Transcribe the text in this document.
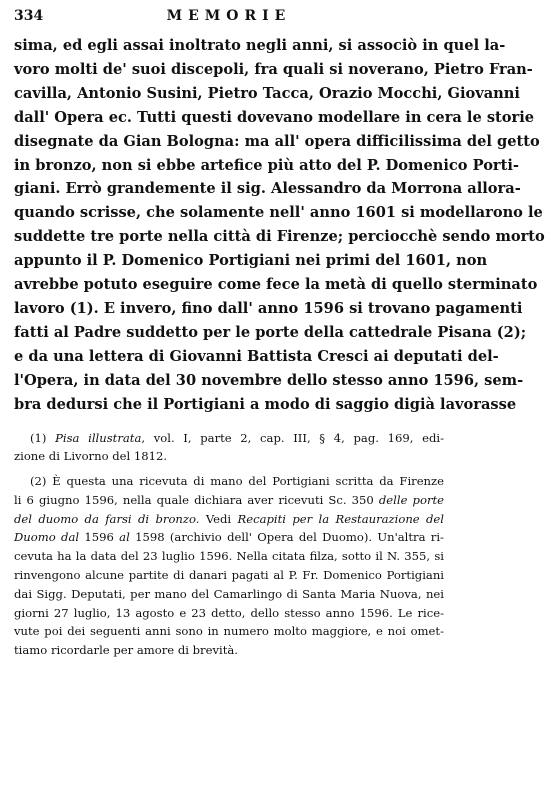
334	MEMORIE
sima, ed egli assai inoltrato negli anni, si associò in quel la-
voro molti de' suoi discepoli, fra quali si noverano, Pietro Fran-
cavilla, Antonio Susini, Pietro Tacca, Orazio Mocchi, Giovanni
dall' Opera ec. Tutti questi dovevano modellare in cera le storie
disegnate da Gian Bologna: ma all' opera difficilissima del getto
in bronzo, non si ebbe artefice più atto del P. Domenico Porti-
giani. Errò grandemente il sig. Alessandro da Morrona allora-
quando scrisse, che solamente nell' anno 1601 si modellarono le
suddette tre porte nella città di Firenze; perciocchè sendo morto
appunto il P. Domenico Portigiani nei primi del 1601, non
avrebbe potuto eseguire come fece la metà di quello sterminato
lavoro (1). E invero, fino dall' anno 1596 si trovano pagamenti
fatti al Padre suddetto per le porte della cattedrale Pisana (2);
e da una lettera di Giovanni Battista Cresci ai deputati del-
l'Opera, in data del 30 novembre dello stesso anno 1596, sem-
bra dedursi che il Portigiani a modo di saggio digià lavorasse
(1) Pisa illustrata, vol. I, parte 2, cap. III, § 4, pag. 169, edi-
zione di Livorno del 1812.
(2) È questa una ricevuta di mano del Portigiani scritta da Firenze
li 6 giugno 1596, nella quale dichiara aver ricevuti Sc. 350 delle porte
del duomo da farsi di bronzo. Vedi Recapiti per la Restaurazione del
Duomo dal 1596 al 1598 (archivio dell' Opera del Duomo). Un'altra ri-
cevuta ha la data del 23 luglio 1596. Nella citata filza, sotto il N. 355, si
rinvengono alcune partite di danari pagati al P. Fr. Domenico Portigiani
dai Sigg. Deputati, per mano del Camarlingo di Santa Maria Nuova, nei
giorni 27 luglio, 13 agosto e 23 detto, dello stesso anno 1596. Le rice-
vute poi dei seguenti anni sono in numero molto maggiore, e noi omet-
tiamo ricordarle per amore di brevità.
